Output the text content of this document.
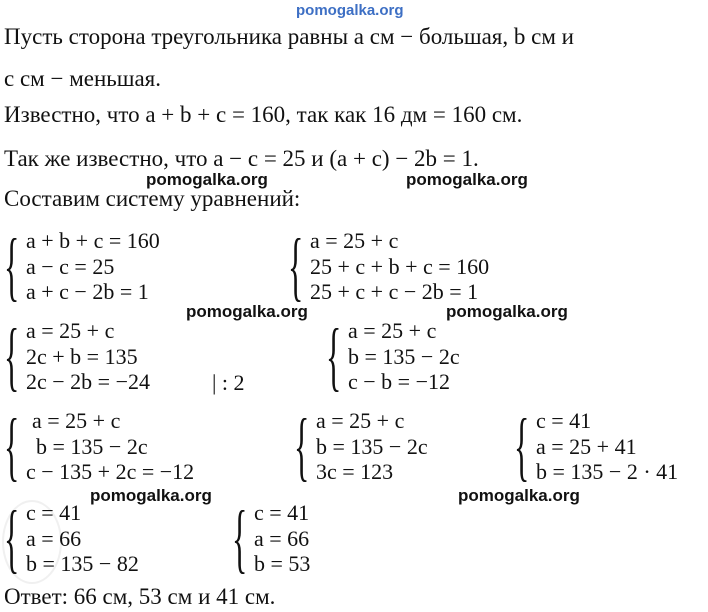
pomogalka.org
Пусть сторона треугольника равны a см − большая, b см и
c см − меньшая.
Известно, что a + b + c = 160, так как 16 дм = 160 см.
Так же известно, что a − c = 25 и (a + c) − 2b = 1.
Составим систему уравнений:
pomogalka.org	pomogalka.org
pomogalka.org	pomogalka.org
pomogalka.org	pomogalka.org
{ a + b + c = 160
a − c = 25
a + c − 2b = 1 { a = 25 + c
25 + c + b + c = 160
25 + c + c − 2b = 1
{ a = 25 + c
2c + b = 135
2c − 2b = −24	| : 2 { a = 25 + c
b = 135 − 2c
c − b = −12
{ a = 25 + c
b = 135 − 2c
c − 135 + 2c = −12 { a = 25 + c
b = 135 − 2c
3c = 123	{ c = 41
a = 25 + 41
b = 135 − 2 · 41
{ c = 41
a = 66
b = 135 − 82 { c = 41
a = 66
b = 53
Ответ: 66 см, 53 см и 41 см.
